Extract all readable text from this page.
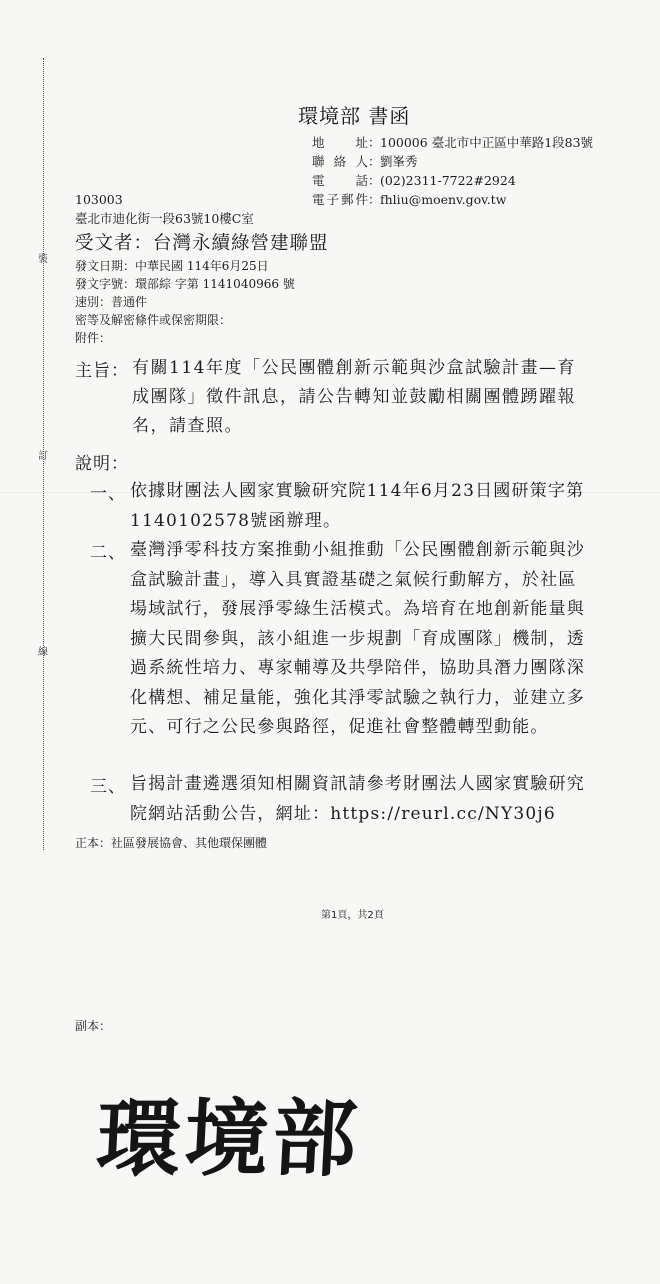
裝
訂
線
環境部 書函
地址：100006 臺北市中正區中華路1段83號
聯絡人：劉峯秀
電話：(02)2311-7722#2924
電子郵件：fhliu@moenv.gov.tw
103003
臺北市迪化街一段63號10樓C室
受文者：台灣永續綠營建聯盟
發文日期：中華民國 114年6月25日
發文字號：環部綜 字第 1141040966 號
速別：普通件
密等及解密條件或保密期限：
附件：
主旨： 有關114年度「公民團體創新示範與沙盒試驗計畫—育成團隊」徵件訊息，請公告轉知並鼓勵相關團體踴躍報名，請查照。
說明：
一、 依據財團法人國家實驗研究院114年6月23日國研策字第1140102578號函辦理。
二、 臺灣淨零科技方案推動小組推動「公民團體創新示範與沙盒試驗計畫」，導入具實證基礎之氣候行動解方，於社區場域試行，發展淨零綠生活模式。為培育在地創新能量與擴大民間參與，該小組進一步規劃「育成團隊」機制，透過系統性培力、專家輔導及共學陪伴，協助具潛力團隊深化構想、補足量能，強化其淨零試驗之執行力，並建立多元、可行之公民參與路徑，促進社會整體轉型動能。
三、 旨揭計畫遴選須知相關資訊請參考財團法人國家實驗研究院網站活動公告，網址：https://reurl.cc/NY30j6
正本：社區發展協會、其他環保團體
第1頁，共2頁
副本：
環境部
